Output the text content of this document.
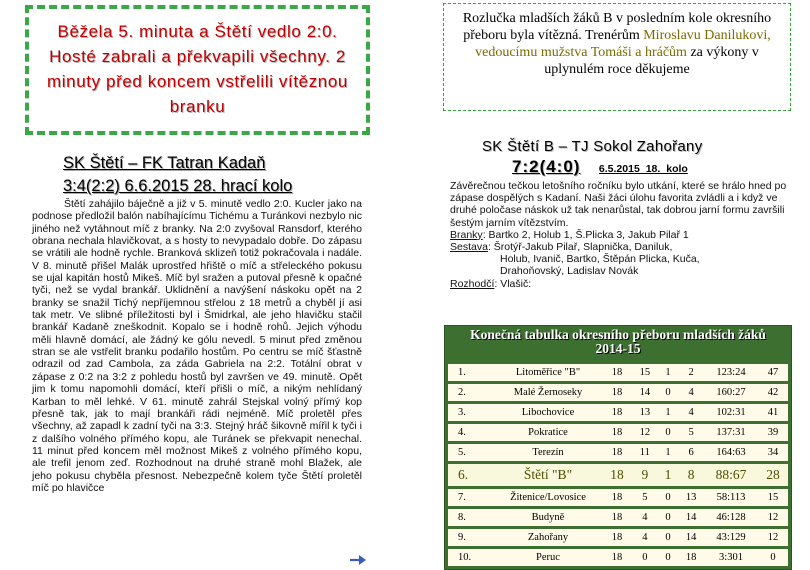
Běžela 5. minuta a Štětí vedlo 2:0. Hosté zabrali a překvapili všechny. 2 minuty před koncem vstřelili vítěznou branku
Rozlučka mladších žáků B v posledním kole okresního přeboru byla vítězná. Trenérům Miroslavu Danilukovi, vedoucímu mužstva Tomáši a hráčům za výkony v uplynulém roce děkujeme
SK Štětí – FK Tatran Kadaň
3:4(2:2) 6.6.2015 28. hrací kolo

Štětí zahájilo báječně a již v 5. minutě vedlo 2:0. Kucler jako na podnose předložil balón nabíhajícímu Tichému a Turánkovi nezbylo nic jiného než vytáhnout míč z branky. Na 2:0 zvyšoval Ransdorf, kterého obrana nechala hlavičkovat, a s hosty to nevypadalo dobře. Do zápasu se vrátili ale hodně rychle. Branková sklizeň totiž pokračovala i nadále. V 8. minutě přišel Malák uprostřed hřiště o míč a střeleckého pokusu se ujal kapitán hostů Mikeš. Míč byl sražen a putoval přesně k opačné tyči, než se vydal brankář. Uklidnění a navýšení náskoku opět na 2 branky se snažil Tichý nepříjemnou střelou z 18 metrů a chyběl jí asi tak metr. Ve slibné příležitosti byl i Šmidrkal, ale jeho hlavičku stačil brankář Kadaně zneškodnit. Kopalo se i hodně rohů. Jejich výhodu měli hlavně domácí, ale žádný ke gólu nevedl. 5 minut před změnou stran se ale vstřelit branku podařilo hostům. Po centru se míč šťastně odrazil od zad Cambola, za záda Gabriela na 2:2. Totální obrat v zápase z 0:2 na 3:2 z pohledu hostů byl završen ve 49. minutě. Opět jim k tomu napomohli domácí, kteří přišli o míč, a nikým nehlídaný Karban to měl lehké. V 61. minutě zahrál Stejskal volný přímý kop přesně tak, jak to mají brankáři rádi nejméně. Míč proletěl přes všechny, až zapadl k zadní tyči na 3:3. Stejný hráč šikovně mířil k tyči i z dalšího volného přímého kopu, ale Turánek se překvapit nenechal. 11 minut před koncem měl možnost Mikeš z volného přímého kopu, ale trefil jenom zeď. Rozhodnout na druhé straně mohl Blažek, ale jeho pokusu chyběla přesnost. Nebezpečně kolem tyče Štětí proletěl míč po hlavičce

SK Štětí B – TJ Sokol Zahořany
7:2(4:0) 6.5.2015 18. kolo

Závěrečnou tečkou letošního ročníku bylo utkání, které se hrálo hned po zápase dospělých s Kadaní. Naši žáci úlohu favorita zvládli a i když ve druhé poločase náskok už tak nenarůstal, tak dobrou jarní formu završili šestým jarním vítězstvím.

Branky: Bartko 2, Holub 1, Š.Plicka 3, Jakub Pilař 1

Sestava: Šrotýř-Jakub Pilař, Slapnička, Daniluk,

Holub, Ivanič, Bartko, Štěpán Plicka, Kuča,

Drahoňovský, Ladislav Novák

Rozhodčí: Vlašič:

Konečná tabulka okresního přeboru mladších žáků
2014-15
1.	Litoměřice "B"	18	15	1	2	123:24	47
2.	Malé Žernoseky	18	14	0	4	160:27	42
3.	Libochovice	18	13	1	4	102:31	41
4.	Pokratice	18	12	0	5	137:31	39
5.	Terezín	18	11	1	6	164:63	34
6.	Štětí "B"	18	9	1	8	88:67	28
7.	Žitenice/Lovosice	18	5	0	13	58:113	15
8.	Budyně	18	4	0	14	46:128	12
9.	Zahořany	18	4	0	14	43:129	12
10.	Peruc	18	0	0	18	3:301	0
